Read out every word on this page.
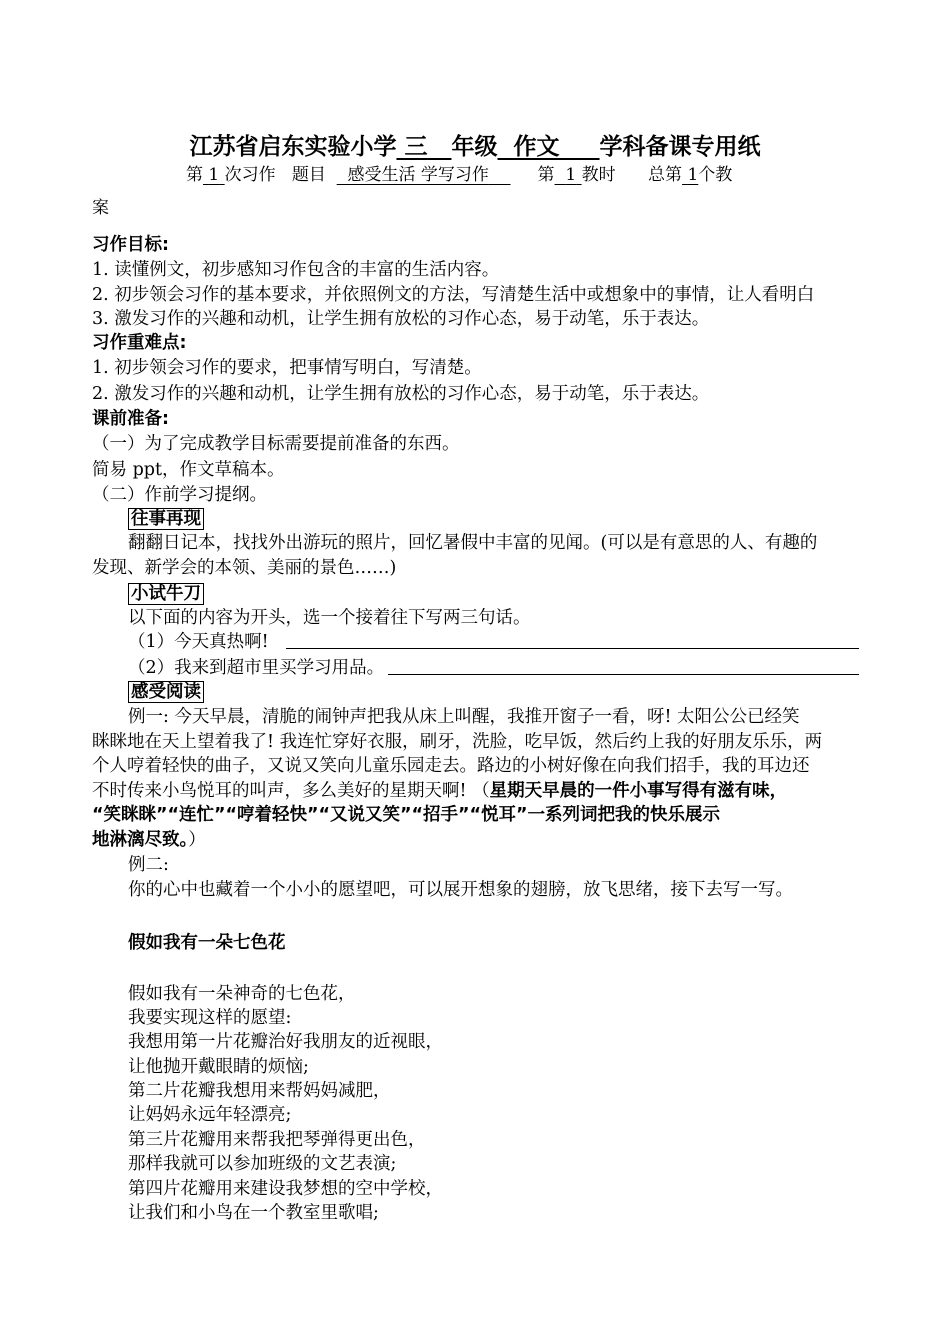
江苏省启东实验小学 三 年级 作文 学科备课专用纸
第 1 次习作 题目 感受生活 学写习作	第 1 教时 总第 1个教
案
习作目标:
1. 读懂例文，初步感知习作包含的丰富的生活内容。
2. 初步领会习作的基本要求，并依照例文的方法，写清楚生活中或想象中的事情，让人看明白
3. 激发习作的兴趣和动机，让学生拥有放松的习作心态，易于动笔，乐于表达。
习作重难点:
1. 初步领会习作的要求，把事情写明白，写清楚。
2. 激发习作的兴趣和动机，让学生拥有放松的习作心态，易于动笔，乐于表达。
课前准备:
（一）为了完成教学目标需要提前准备的东西。
简易 ppt，作文草稿本。
（二）作前学习提纲。
往事再现
翻翻日记本，找找外出游玩的照片，回忆暑假中丰富的见闻。(可以是有意思的人、有趣的
发现、新学会的本领、美丽的景色……)
小试牛刀
以下面的内容为开头，选一个接着往下写两三句话。
（1）今天真热啊!
（2）我来到超市里买学习用品。
感受阅读
例一: 今天早晨，清脆的闹钟声把我从床上叫醒，我推开窗子一看，呀! 太阳公公已经笑
眯眯地在天上望着我了! 我连忙穿好衣服，刷牙，洗脸，吃早饭，然后约上我的好朋友乐乐，两
个人哼着轻快的曲子，又说又笑向儿童乐园走去。路边的小树好像在向我们招手，我的耳边还
不时传来小鸟悦耳的叫声，多么美好的星期天啊! （星期天早晨的一件小事写得有滋有味，
“笑眯眯”“连忙”“哼着轻快”“又说又笑”“招手”“悦耳”一系列词把我的快乐展示
地淋漓尽致。）
例二:
你的心中也藏着一个小小的愿望吧，可以展开想象的翅膀，放飞思绪，接下去写一写。
假如我有一朵七色花
假如我有一朵神奇的七色花，
我要实现这样的愿望:
我想用第一片花瓣治好我朋友的近视眼，
让他抛开戴眼睛的烦恼;
第二片花瓣我想用来帮妈妈减肥，
让妈妈永远年轻漂亮;
第三片花瓣用来帮我把琴弹得更出色，
那样我就可以参加班级的文艺表演;
第四片花瓣用来建设我梦想的空中学校，
让我们和小鸟在一个教室里歌唱;
